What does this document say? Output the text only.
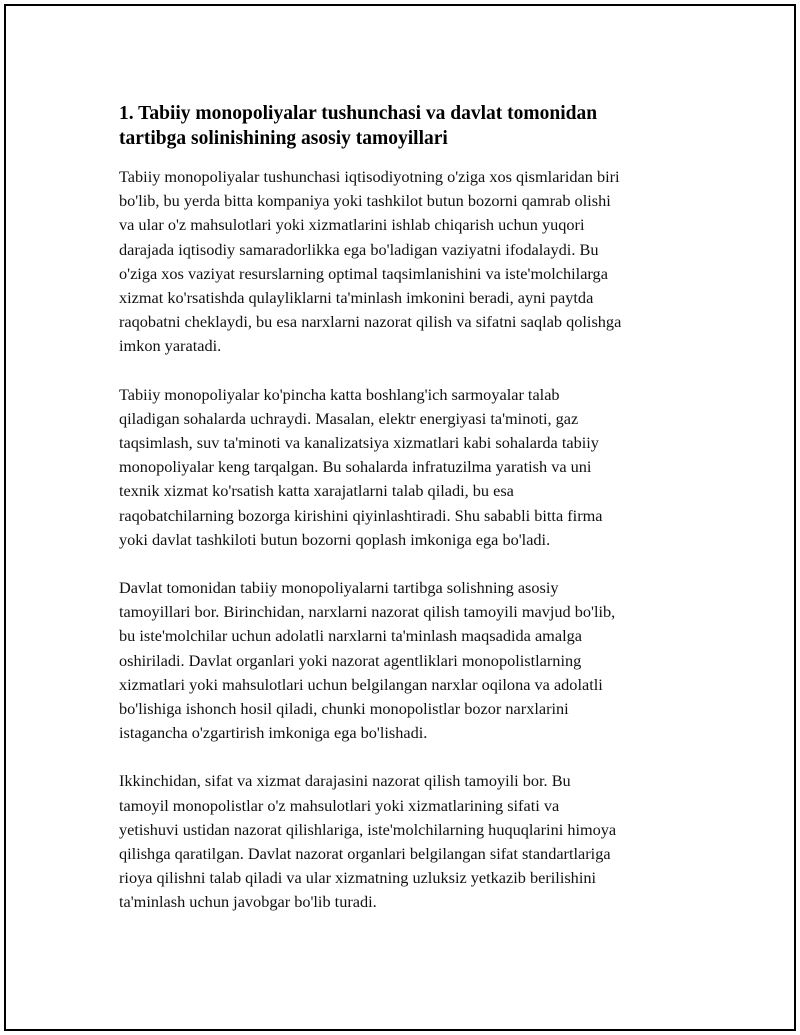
1. Tabiiy monopoliyalar tushunchasi va davlat tomonidan
tartibga solinishining asosiy tamoyillari

Tabiiy monopoliyalar tushunchasi iqtisodiyotning o'ziga xos qismlaridan biri
bo'lib, bu yerda bitta kompaniya yoki tashkilot butun bozorni qamrab olishi
va ular o'z mahsulotlari yoki xizmatlarini ishlab chiqarish uchun yuqori
darajada iqtisodiy samaradorlikka ega bo'ladigan vaziyatni ifodalaydi. Bu
o'ziga xos vaziyat resurslarning optimal taqsimlanishini va iste'molchilarga
xizmat ko'rsatishda qulayliklarni ta'minlash imkonini beradi, ayni paytda
raqobatni cheklaydi, bu esa narxlarni nazorat qilish va sifatni saqlab qolishga
imkon yaratadi.

Tabiiy monopoliyalar ko'pincha katta boshlang'ich sarmoyalar talab
qiladigan sohalarda uchraydi. Masalan, elektr energiyasi ta'minoti, gaz
taqsimlash, suv ta'minoti va kanalizatsiya xizmatlari kabi sohalarda tabiiy
monopoliyalar keng tarqalgan. Bu sohalarda infratuzilma yaratish va uni
texnik xizmat ko'rsatish katta xarajatlarni talab qiladi, bu esa
raqobatchilarning bozorga kirishini qiyinlashtiradi. Shu sababli bitta firma
yoki davlat tashkiloti butun bozorni qoplash imkoniga ega bo'ladi.

Davlat tomonidan tabiiy monopoliyalarni tartibga solishning asosiy
tamoyillari bor. Birinchidan, narxlarni nazorat qilish tamoyili mavjud bo'lib,
bu iste'molchilar uchun adolatli narxlarni ta'minlash maqsadida amalga
oshiriladi. Davlat organlari yoki nazorat agentliklari monopolistlarning
xizmatlari yoki mahsulotlari uchun belgilangan narxlar oqilona va adolatli
bo'lishiga ishonch hosil qiladi, chunki monopolistlar bozor narxlarini
istagancha o'zgartirish imkoniga ega bo'lishadi.

Ikkinchidan, sifat va xizmat darajasini nazorat qilish tamoyili bor. Bu
tamoyil monopolistlar o'z mahsulotlari yoki xizmatlarining sifati va
yetishuvi ustidan nazorat qilishlariga, iste'molchilarning huquqlarini himoya
qilishga qaratilgan. Davlat nazorat organlari belgilangan sifat standartlariga
rioya qilishni talab qiladi va ular xizmatning uzluksiz yetkazib berilishini
ta'minlash uchun javobgar bo'lib turadi.
